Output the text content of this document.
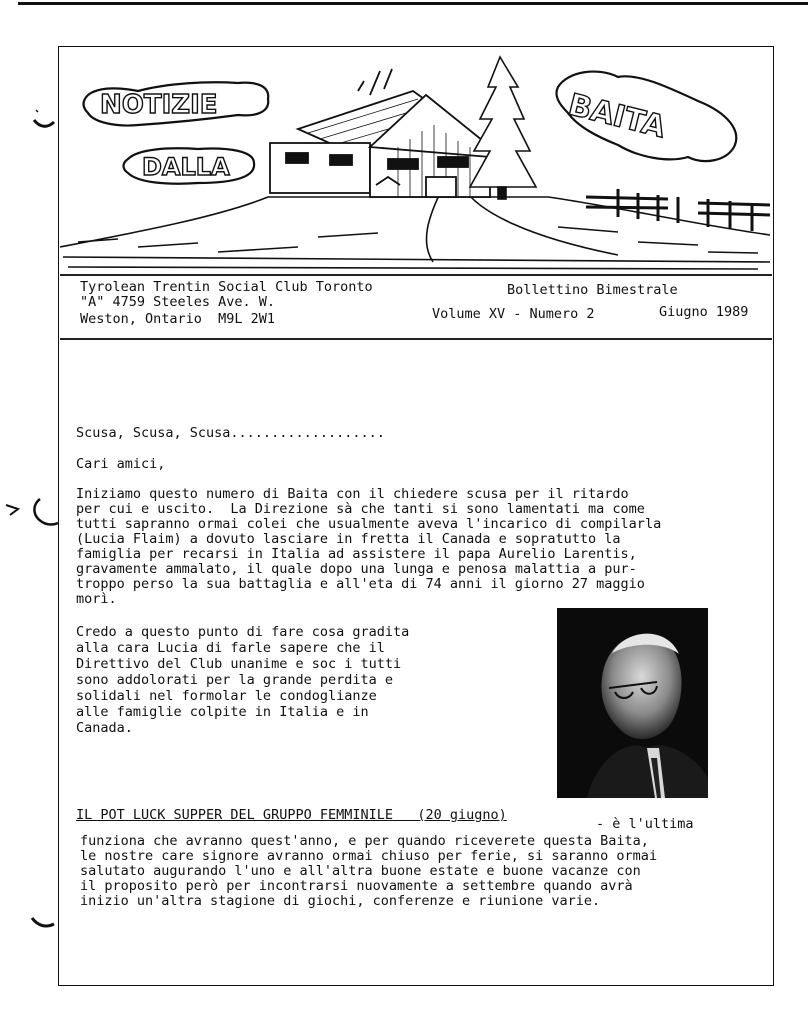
NOTIZIE
DALLA
BAITA
Tyrolean Trentin Social Club Toronto
"A" 4759 Steeles Ave. W.
Weston, Ontario  M9L 2W1
Bollettino Bimestrale
Volume XV - Numero 2	Giugno 1989
Scusa, Scusa, Scusa...................
Cari amici,
Iniziamo questo numero di Baita con il chiedere scusa per il ritardo
per cui e uscito.  La Direzione sà che tanti si sono lamentati ma come
tutti sapranno ormai colei che usualmente aveva l'incarico di compilarla
(Lucia Flaim) a dovuto lasciare in fretta il Canada e sopratutto la
famiglia per recarsi in Italia ad assistere il papa Aurelio Larentis,
gravamente ammalato, il quale dopo una lunga e penosa malattia a pur-
troppo perso la sua battaglia e all'eta di 74 anni il giorno 27 maggio
morì.
Credo a questo punto di fare cosa gradita
alla cara Lucia di farle sapere che il
Direttivo del Club unanime e soc i tutti
sono addolorati per la grande perdita e
solidali nel formolar le condoglianze
alle famiglie colpite in Italia e in
Canada.
IL POT LUCK SUPPER DEL GRUPPO FEMMINILE   (20 giugno)
- è l'ultima
funziona che avranno quest'anno, e per quando riceverete questa Baita,
le nostre care signore avranno ormai chiuso per ferie, si saranno ormai
salutato augurando l'uno e all'altra buone estate e buone vacanze con
il proposito però per incontrarsi nuovamente a settembre quando avrà
inizio un'altra stagione di giochi, conferenze e riunione varie.
